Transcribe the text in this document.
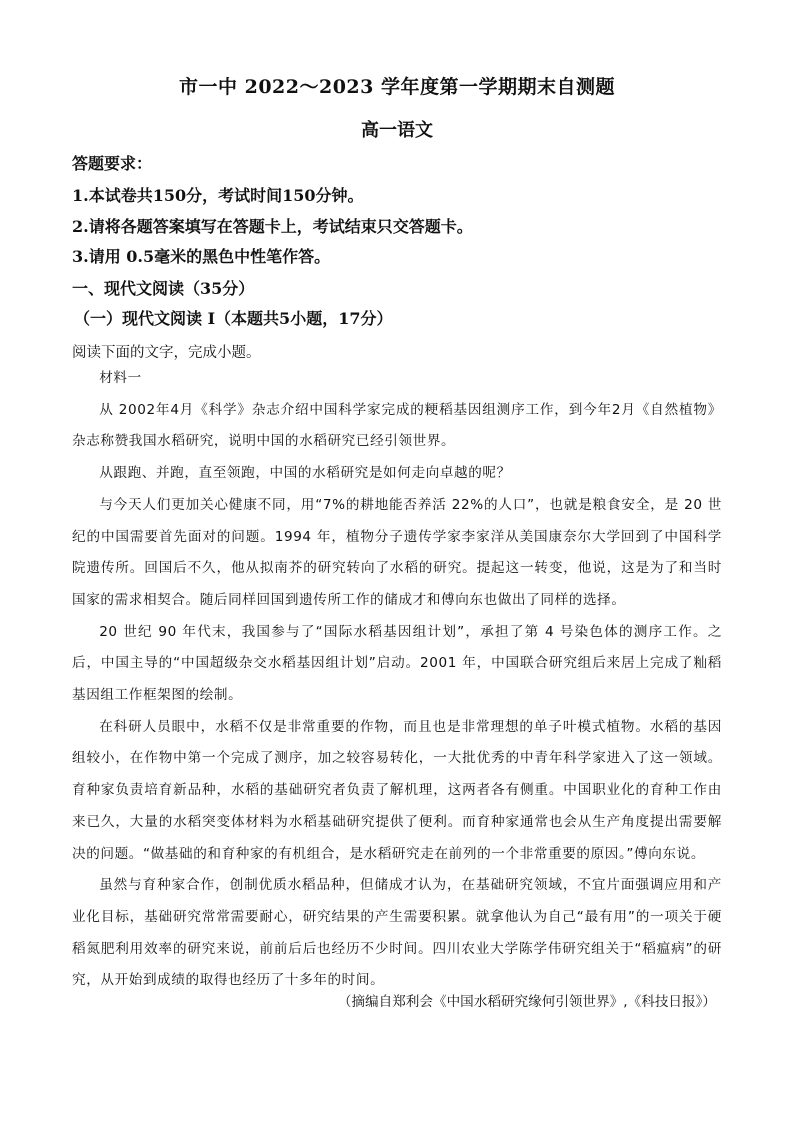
市一中 2022～2023 学年度第一学期期末自测题
高一语文
答题要求：
1.本试卷共150分，考试时间150分钟。
2.请将各题答案填写在答题卡上，考试结束只交答题卡。
3.请用 0.5毫米的黑色中性笔作答。
一、现代文阅读（35分）
（一）现代文阅读 I（本题共5小题，17分）
阅读下面的文字，完成小题。

材料一

从 2002年4月《科学》杂志介绍中国科学家完成的粳稻基因组测序工作，到今年2月《自然植物》杂志称赞我国水稻研究，说明中国的水稻研究已经引领世界。

从跟跑、并跑，直至领跑，中国的水稻研究是如何走向卓越的呢？

与今天人们更加关心健康不同，用“7%的耕地能否养活 22%的人口”，也就是粮食安全，是 20 世纪的中国需要首先面对的问题。1994 年，植物分子遗传学家李家洋从美国康奈尔大学回到了中国科学院遗传所。回国后不久，他从拟南芥的研究转向了水稻的研究。提起这一转变，他说，这是为了和当时国家的需求相契合。随后同样回国到遗传所工作的储成才和傅向东也做出了同样的选择。

20 世纪 90 年代末，我国参与了“国际水稻基因组计划”，承担了第 4 号染色体的测序工作。之后，中国主导的“中国超级杂交水稻基因组计划”启动。2001 年，中国联合研究组后来居上完成了籼稻基因组工作框架图的绘制。

在科研人员眼中，水稻不仅是非常重要的作物，而且也是非常理想的单子叶模式植物。水稻的基因组较小，在作物中第一个完成了测序，加之较容易转化，一大批优秀的中青年科学家进入了这一领域。育种家负责培育新品种，水稻的基础研究者负责了解机理，这两者各有侧重。中国职业化的育种工作由来已久，大量的水稻突变体材料为水稻基础研究提供了便利。而育种家通常也会从生产角度提出需要解决的问题。“做基础的和育种家的有机组合，是水稻研究走在前列的一个非常重要的原因。”傅向东说。

虽然与育种家合作，创制优质水稻品种，但储成才认为，在基础研究领域，不宜片面强调应用和产业化目标，基础研究常常需要耐心，研究结果的产生需要积累。就拿他认为自己“最有用”的一项关于硬稻氮肥利用效率的研究来说，前前后后也经历不少时间。四川农业大学陈学伟研究组关于“稻瘟病”的研究，从开始到成绩的取得也经历了十多年的时间。

（摘编自郑利会《中国水稻研究缘何引领世界》,《科技日报》）
